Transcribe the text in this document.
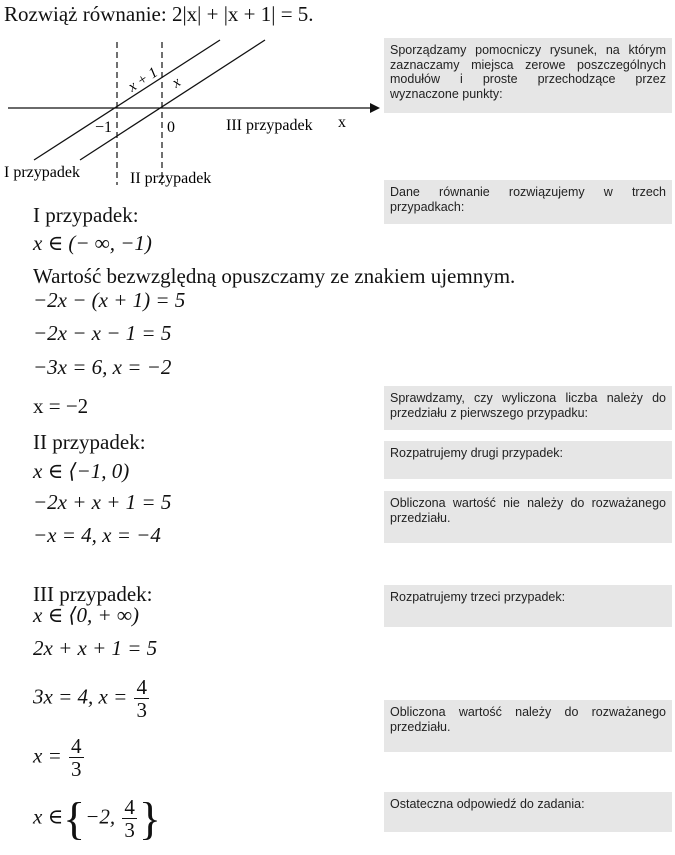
Rozwiąż równanie: 2|x| + |x + 1| = 5.
x + 1 x
−1	0	III przypadek x
I przypadek	II przypadek
I przypadek:
x ∈ (− ∞, −1)
Wartość bezwzględną opuszczamy ze znakiem ujemnym.
−2x − (x + 1) = 5
−2x − x − 1 = 5
−3x = 6, x = −2
x = −2
II przypadek:
x ∈ ⟨−1, 0)
−2x + x + 1 = 5
−x = 4, x = −4
III przypadek:
x ∈ ⟨0, + ∞)
2x + x + 1 = 5
3x = 4, $x = \frac{4}{3}$
$x = \frac{4}{3}$
x ∈{−2, $\frac{4}{3}$ }
Sporządzamy pomocniczy rysunek, na którym zaznaczamy miejsca zerowe poszczególnych modułów i proste przechodzące przez wyznaczone punkty:
Dane równanie rozwiązujemy w trzech przypadkach:
Sprawdzamy, czy wyliczona liczba należy do przedziału z pierwszego przypadku:
Rozpatrujemy drugi przypadek:
Obliczona wartość nie należy do rozważanego przedziału.
Rozpatrujemy trzeci przypadek:
Obliczona wartość należy do rozważanego przedziału.
Ostateczna odpowiedź do zadania:
